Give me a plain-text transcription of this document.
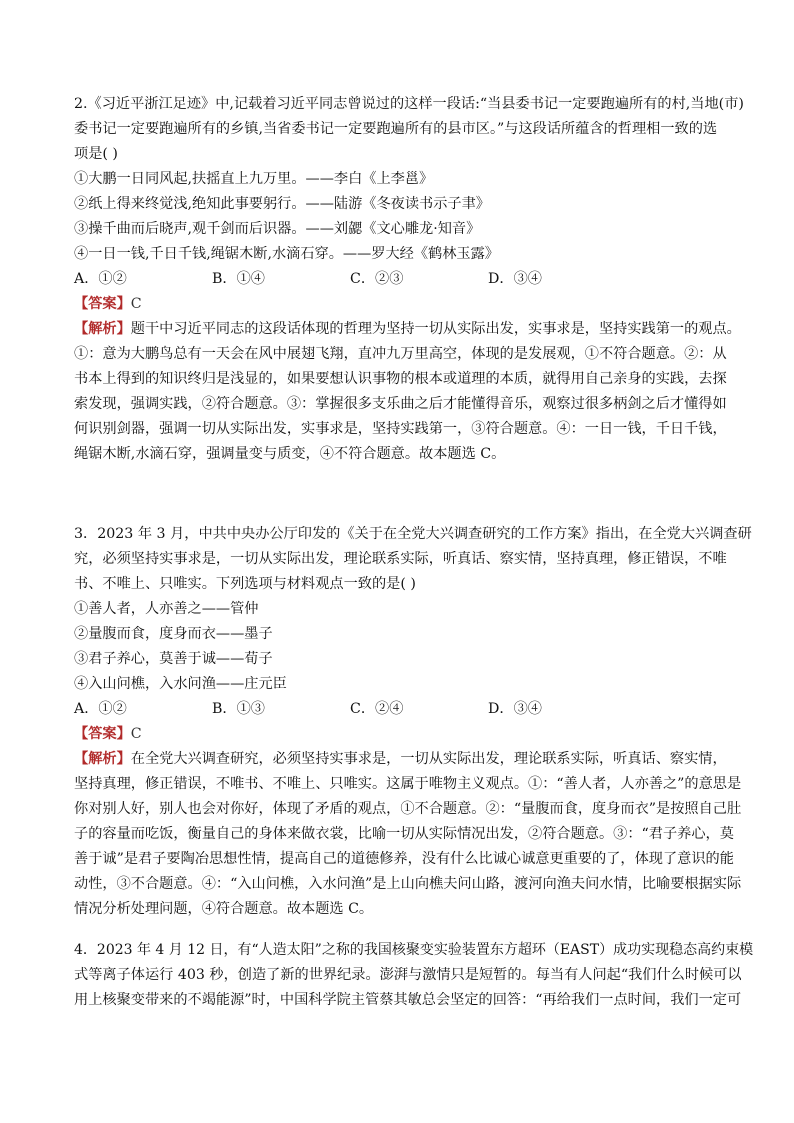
2.《习近平浙江足迹》中,记载着习近平同志曾说过的这样一段话:“当县委书记一定要跑遍所有的村,当地(市)

委书记一定要跑遍所有的乡镇,当省委书记一定要跑遍所有的县市区。”与这段话所蕴含的哲理相一致的选

项是( )

①大鹏一日同风起,扶摇直上九万里。——李白《上李邕》

②纸上得来终觉浅,绝知此事要躬行。——陆游《冬夜读书示子聿》

③操千曲而后晓声,观千剑而后识器。——刘勰《文心雕龙·知音》

④一日一钱,千日千钱,绳锯木断,水滴石穿。——罗大经《鹤林玉露》

A．①②	B．①④	C．②③	D．③④

【答案】C

【解析】题干中习近平同志的这段话体现的哲理为坚持一切从实际出发，实事求是，坚持实践第一的观点。

①：意为大鹏鸟总有一天会在风中展翅飞翔，直冲九万里高空，体现的是发展观，①不符合题意。②：从

书本上得到的知识终归是浅显的，如果要想认识事物的根本或道理的本质，就得用自己亲身的实践，去探

索发现，强调实践，②符合题意。③：掌握很多支乐曲之后才能懂得音乐，观察过很多柄剑之后才懂得如

何识别剑器，强调一切从实际出发，实事求是，坚持实践第一，③符合题意。④：一日一钱，千日千钱，

绳锯木断,水滴石穿，强调量变与质变，④不符合题意。故本题选 C。

3．2023 年 3 月，中共中央办公厅印发的《关于在全党大兴调查研究的工作方案》指出，在全党大兴调查研

究，必须坚持实事求是，一切从实际出发，理论联系实际，听真话、察实情，坚持真理，修正错误，不唯

书、不唯上、只唯实。下列选项与材料观点一致的是( )

①善人者，人亦善之——管仲

②量腹而食，度身而衣——墨子

③君子养心，莫善于诚——荀子

④入山问樵，入水问渔——庄元臣

A．①②	B．①③	C．②④	D．③④

【答案】C

【解析】在全党大兴调查研究，必须坚持实事求是，一切从实际出发，理论联系实际，听真话、察实情，

坚持真理，修正错误，不唯书、不唯上、只唯实。这属于唯物主义观点。①：“善人者，人亦善之”的意思是

你对别人好，别人也会对你好，体现了矛盾的观点，①不合题意。②：“量腹而食，度身而衣”是按照自己肚

子的容量而吃饭，衡量自己的身体来做衣裳，比喻一切从实际情况出发，②符合题意。③：“君子养心，莫

善于诚”是君子要陶冶思想性情，提高自己的道德修养，没有什么比诚心诚意更重要的了，体现了意识的能

动性，③不合题意。④：“入山问樵，入水问渔”是上山向樵夫问山路，渡河向渔夫问水情，比喻要根据实际

情况分析处理问题，④符合题意。故本题选 C。

4．2023 年 4 月 12 日，有“人造太阳”之称的我国核聚变实验装置东方超环（EAST）成功实现稳态高约束模

式等离子体运行 403 秒，创造了新的世界纪录。澎湃与激情只是短暂的。每当有人问起“我们什么时候可以

用上核聚变带来的不竭能源”时，中国科学院主管蔡其敏总会坚定的回答：“再给我们一点时间，我们一定可
